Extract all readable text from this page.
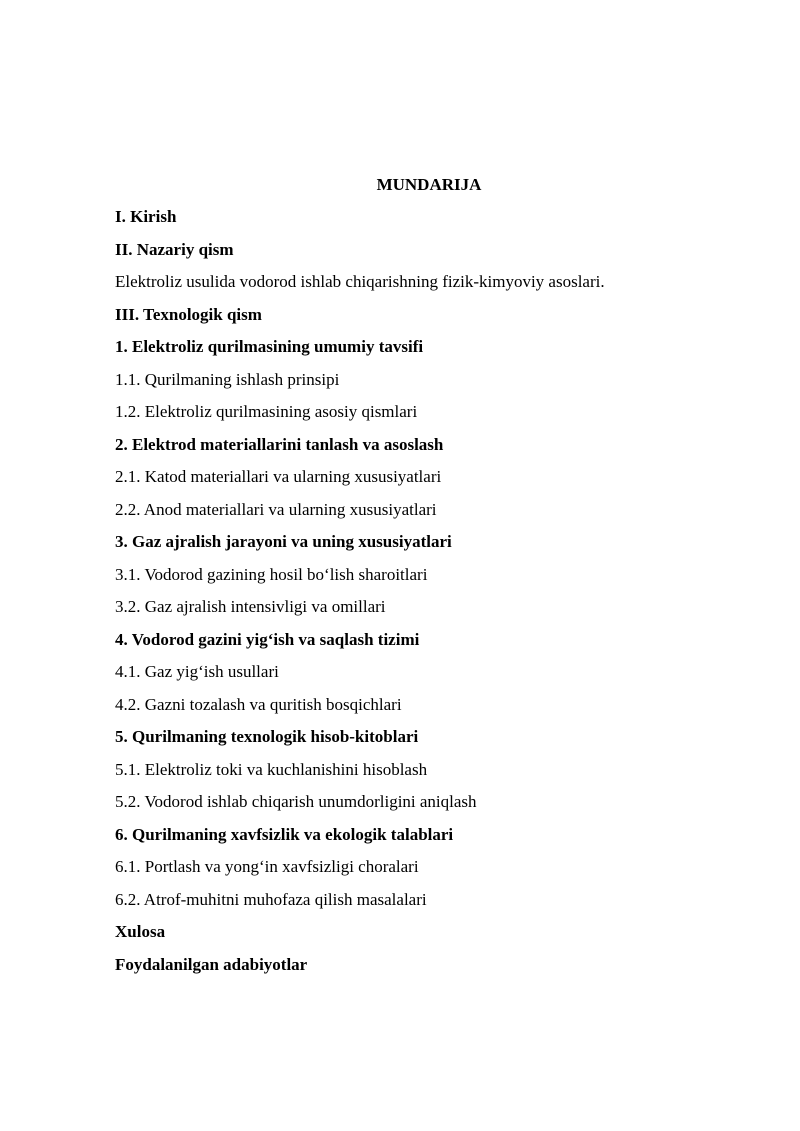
MUNDARIJA
I. Kirish
II. Nazariy qism
Elektroliz usulida vodorod ishlab chiqarishning fizik-kimyoviy asoslari.
III. Texnologik qism
1. Elektroliz qurilmasining umumiy tavsifi
1.1. Qurilmaning ishlash prinsipi
1.2. Elektroliz qurilmasining asosiy qismlari
2. Elektrod materiallarini tanlash va asoslash
2.1. Katod materiallari va ularning xususiyatlari
2.2. Anod materiallari va ularning xususiyatlari
3. Gaz ajralish jarayoni va uning xususiyatlari
3.1. Vodorod gazining hosil bo‘lish sharoitlari
3.2. Gaz ajralish intensivligi va omillari
4. Vodorod gazini yig‘ish va saqlash tizimi
4.1. Gaz yig‘ish usullari
4.2. Gazni tozalash va quritish bosqichlari
5. Qurilmaning texnologik hisob-kitoblari
5.1. Elektroliz toki va kuchlanishini hisoblash
5.2. Vodorod ishlab chiqarish unumdorligini aniqlash
6. Qurilmaning xavfsizlik va ekologik talablari
6.1. Portlash va yong‘in xavfsizligi choralari
6.2. Atrof-muhitni muhofaza qilish masalalari
Xulosa
Foydalanilgan adabiyotlar
